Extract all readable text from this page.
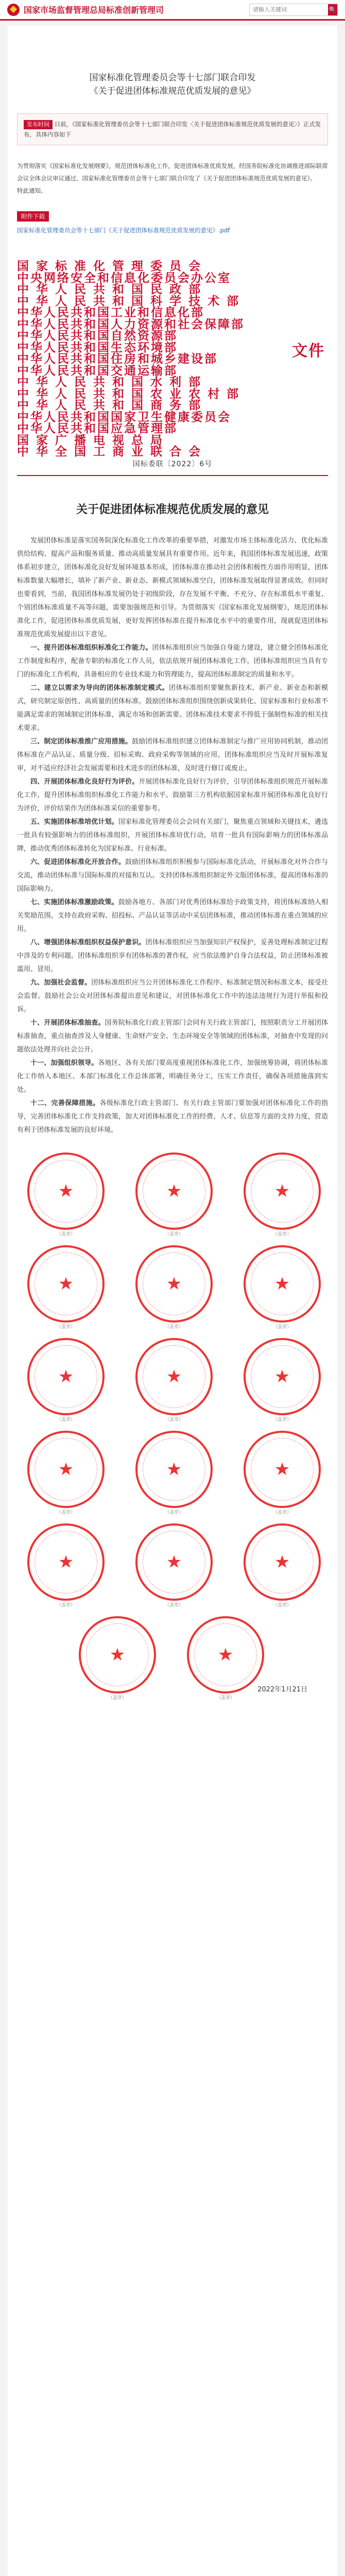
国家市场监督管理总局标准创新管理司
请输入关键词	🔍
国家标准化管理委员会等十七部门联合印发
《关于促进团体标准规范优质发展的意见》
发布时间 日前，《国家标准化管理委员会等十七部门联合印发〈关于促进团体标准规范优质发展的意见〉》正式发布，具体内容如下
为贯彻落实《国家标准化发展纲要》，规范团体标准化工作，促进团体标准优质发展，经国务院标准化协调推进部际联席会议全体会议审议通过，国家标准化管理委员会等十七部门联合印发了《关于促进团体标准规范优质发展的意见》。
特此通知。
附件下载
国家标准化管理委员会等十七部门《关于促进团体标准规范优质发展的意见》.pdf
国 家 标 准 化 管 理 委 员 会
中央网络安全和信息化委员会办公室
中 华 人 民 共 和 国 民 政 部
中 华 人 民 共 和 国 科 学 技 术 部
中华人民共和国工业和信息化部
中华人民共和国人力资源和社会保障部
中华人民共和国自然资源部
中华人民共和国生态环境部
中华人民共和国住房和城乡建设部
中华人民共和国交通运输部
中 华 人 民 共 和 国 水 利 部
中 华 人 民 共 和 国 农 业 农 村 部
中 华 人 民 共 和 国 商 务 部
中华人民共和国国家卫生健康委员会
中华人民共和国应急管理部
国 家 广 播 电 视 总 局
中 华 全 国 工 商 业 联 合 会
文件
国标委联〔2022〕6号
关于促进团体标准规范优质发展的意见

发展团体标准是落实国务院深化标准化工作改革的重要举措，对激发市场主体标准化活力、优化标准供给结构、提高产品和服务质量、推动高质量发展具有重要作用。近年来，我国团体标准发展迅速，政策体系初步建立，团体标准化良好发展环境基本形成，团体标准在推动社会团体积极性方面作用明显，团体标准数量大幅增长，填补了新产业、新业态、新模式领域标准空白，团体标准发展取得显著成效。但同时也要看到，当前，我国团体标准发展仍处于初级阶段，存在发展不平衡、不充分、存在标准低水平重复、个别团体标准质量不高等问题，需要加强规范和引导。为贯彻落实《国家标准化发展纲要》，规范团体标准化工作，促进团体标准优质发展，更好发挥团体标准在提升标准化水平中的重要作用，现就促进团体标准规范优质发展提出以下意见。

一、提升团体标准组织标准化工作能力。团体标准组织应当加强自身能力建设，建立健全团体标准化工作制度和程序，配备专职的标准化工作人员，依法依规开展团体标准化工作。团体标准组织应当具有专门的标准化工作机构，具备相应的专业技术能力和管理能力，提高团体标准制定的质量和水平。

二、建立以需求为导向的团体标准制定模式。团体标准组织要聚焦新技术、新产业、新业态和新模式，研究制定原创性、高质量的团体标准。鼓励团体标准组织围绕创新成果转化、国家标准和行业标准不能满足需求的领域制定团体标准，满足市场和创新需要。团体标准技术要求不得低于强制性标准的相关技术要求。

三、制定团体标准推广应用措施。鼓励团体标准组织建立团体标准制定与推广应用协同机制，推动团体标准在产品认证、质量分级、招标采购、政府采购等领域的应用。团体标准组织应当及时开展标准复审，对不适应经济社会发展需要和技术进步的团体标准，及时进行修订或废止。

四、开展团体标准化良好行为评价。开展团体标准化良好行为评价，引导团体标准组织规范开展标准化工作，提升团体标准组织标准化工作能力和水平。鼓励第三方机构依据国家标准开展团体标准化良好行为评价，评价结果作为团体标准采信的重要参考。

五、实施团体标准培优计划。国家标准化管理委员会会同有关部门，聚焦重点领域和关键技术，遴选一批具有较强影响力的团体标准组织，开展团体标准培优行动，培育一批具有国际影响力的团体标准品牌，推动优秀团体标准转化为国家标准、行业标准。

六、促进团体标准化开放合作。鼓励团体标准组织积极参与国际标准化活动，开展标准化对外合作与交流，推动团体标准与国际标准的对接和互认。支持团体标准组织制定外文版团体标准，提高团体标准的国际影响力。

七、实施团体标准激励政策。鼓励各地方、各部门对优秀团体标准给予政策支持，将团体标准纳入相关奖励范围。支持在政府采购、招投标、产品认证等活动中采信团体标准，推动团体标准在重点领域的应用。

八、增强团体标准组织权益保护意识。团体标准组织应当加强知识产权保护，妥善处理标准制定过程中涉及的专利问题。团体标准组织享有团体标准的著作权，应当依法维护自身合法权益，防止团体标准被滥用、冒用。

九、加强社会监督。团体标准组织应当公开团体标准化工作程序、标准制定情况和标准文本，接受社会监督。鼓励社会公众对团体标准提出意见和建议，对团体标准化工作中的违法违规行为进行举报和投诉。

十、开展团体标准抽查。国务院标准化行政主管部门会同有关行政主管部门，按照职责分工开展团体标准抽查，重点抽查涉及人身健康、生命财产安全、生态环境安全等领域的团体标准，对抽查中发现的问题依法处理并向社会公开。

十一、加强组织领导。各地区、各有关部门要高度重视团体标准化工作，加强统筹协调，将团体标准化工作纳入本地区、本部门标准化工作总体部署，明确任务分工，压实工作责任，确保各项措施落到实处。

十二、完善保障措施。各级标准化行政主管部门、有关行政主管部门要加强对团体标准化工作的指导，完善团体标准化工作支持政策，加大对团体标准化工作的经费、人才、信息等方面的支持力度，营造有利于团体标准发展的良好环境。

★
（盖章）
★
（盖章）
★
（盖章）
★
（盖章）
★
（盖章）
★
（盖章）
★
（盖章）
★
（盖章）
★
（盖章）
★
（盖章）
★
（盖章）
★
（盖章）
★
（盖章）
★
（盖章）
★
（盖章）
★
（盖章）
★
（盖章）
2022年1月21日
